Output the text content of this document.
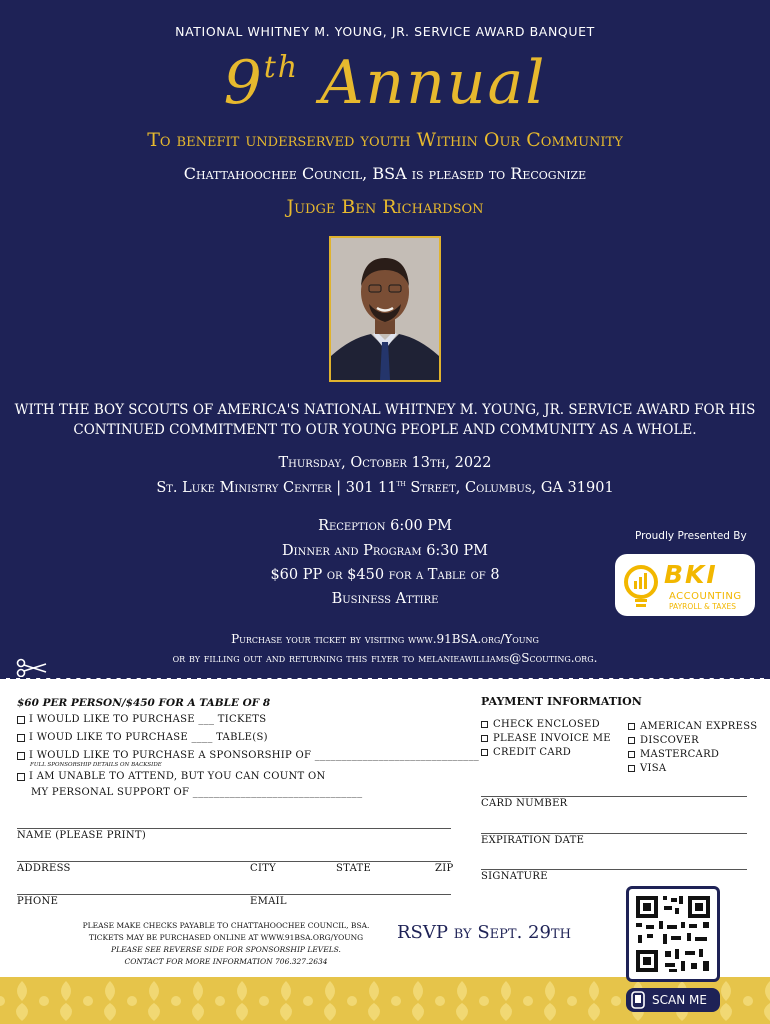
NATIONAL WHITNEY M. YOUNG, JR. SERVICE AWARD BANQUET
9th Annual
To benefit underserved youth Within Our Community
Chattahoochee Council, BSA is pleased to Recognize
Judge Ben Richardson
WITH THE BOY SCOUTS OF AMERICA'S NATIONAL WHITNEY M. YOUNG, JR. SERVICE AWARD FOR HIS
CONTINUED COMMITMENT TO OUR YOUNG PEOPLE AND COMMUNITY AS A WHOLE.
Thursday, October 13th, 2022
St. Luke Ministry Center | 301 11th Street, Columbus, GA 31901
Reception 6:00 PM
Dinner and Program 6:30 PM
$60 PP or $450 for a Table of 8
Business Attire
Proudly Presented By
BKI
ACCOUNTING
PAYROLL & TAXES
Purchase your ticket by visiting www.91BSA.org/Young
or by filling out and returning this flyer to melanieawilliams@Scouting.org.
$60 PER PERSON/$450 FOR A TABLE OF 8
I WOULD LIKE TO PURCHASE ___ TICKETS
I WOUD LIKE TO PURCHASE ____ TABLE(S)
I WOULD LIKE TO PURCHASE A SPONSORSHIP OF _______________________________
FULL SPONSORSHIP DETAILS ON BACKSIDE
I AM UNABLE TO ATTEND, BUT YOU CAN COUNT ON
MY PERSONAL SUPPORT OF ________________________________
NAME (PLEASE PRINT)
ADDRESS	CITY	STATE	ZIP
PHONE	EMAIL
PLEASE MAKE CHECKS PAYABLE TO CHATTAHOOCHEE COUNCIL, BSA.
TICKETS MAY BE PURCHASED ONLINE AT WWW.91BSA.ORG/YOUNG
PLEASE SEE REVERSE SIDE FOR SPONSORSHIP LEVELS.
CONTACT FOR MORE INFORMATION 706.327.2634
PAYMENT INFORMATION
CHECK ENCLOSED
PLEASE INVOICE ME
CREDIT CARD
AMERICAN EXPRESS
DISCOVER
MASTERCARD
VISA
CARD NUMBER
EXPIRATION DATE
SIGNATURE
RSVP by Sept. 29th
SCAN ME
